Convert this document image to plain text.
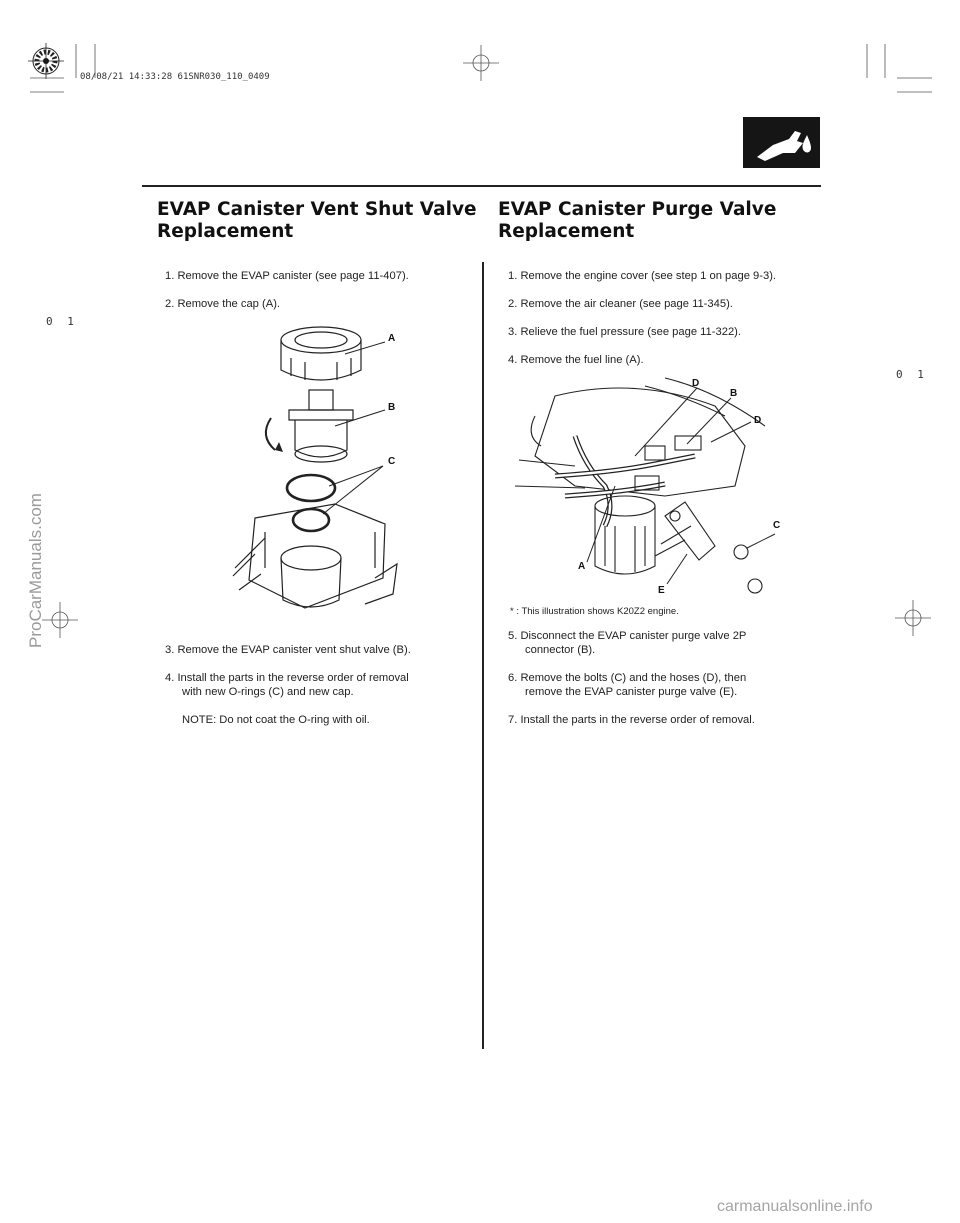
08/08/21 14:33:28 61SNR030_110_0409
0 1
0 1
EVAP Canister Vent Shut Valve
Replacement
1. Remove the EVAP canister (see page 11-407).
2. Remove the cap (A).
A
B
C
3. Remove the EVAP canister vent shut valve (B).
4. Install the parts in the reverse order of removal
with new O-rings (C) and new cap.
NOTE: Do not coat the O-ring with oil.
EVAP Canister Purge Valve
Replacement
1. Remove the engine cover (see step 1 on page 9-3).
2. Remove the air cleaner (see page 11-345).
3. Relieve the fuel pressure (see page 11-322).
4. Remove the fuel line (A).
D
B
D
C
A
E
* : This illustration shows K20Z2 engine.
5. Disconnect the EVAP canister purge valve 2P
connector (B).
6. Remove the bolts (C) and the hoses (D), then
remove the EVAP canister purge valve (E).
7. Install the parts in the reverse order of removal.
ProCarManuals.com
carmanualsonline.info
